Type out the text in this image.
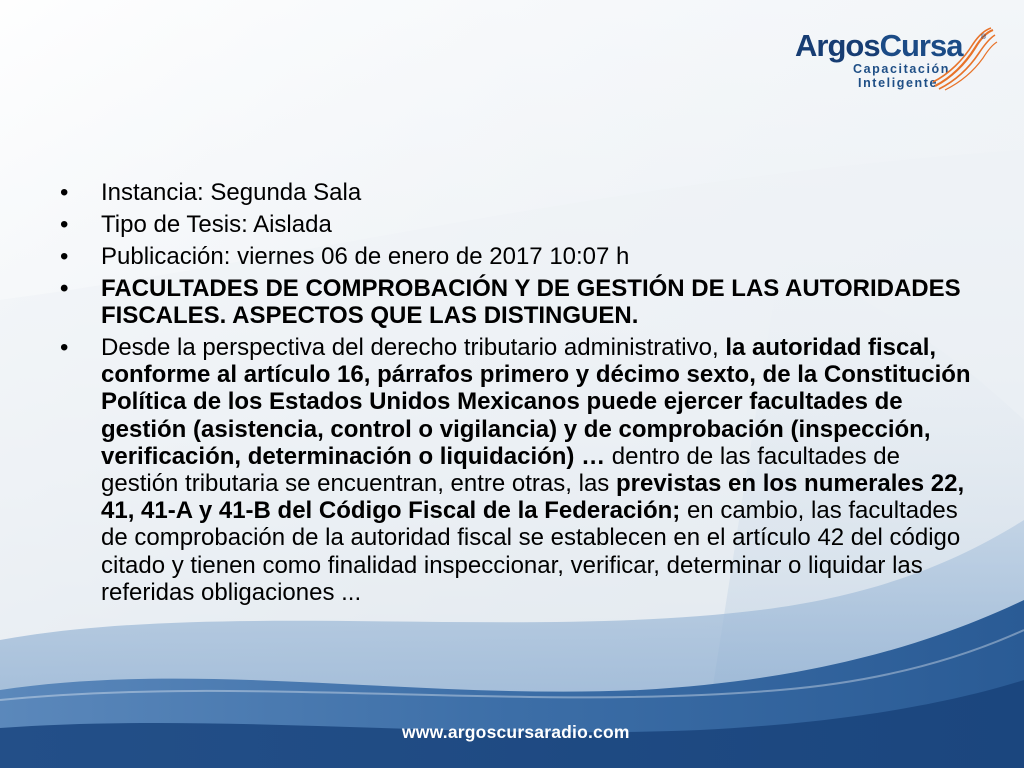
ArgosCursa
Capacitación
Inteligente
®
• Instancia: Segunda Sala
• Tipo de Tesis: Aislada
• Publicación: viernes 06 de enero de 2017 10:07 h
• FACULTADES DE COMPROBACIÓN Y DE GESTIÓN DE LAS AUTORIDADES FISCALES. ASPECTOS QUE LAS DISTINGUEN.
• Desde la perspectiva del derecho tributario administrativo, la autoridad fiscal, conforme al artículo 16, párrafos primero y décimo sexto, de la Constitución Política de los Estados Unidos Mexicanos puede ejercer facultades de gestión (asistencia, control o vigilancia) y de comprobación (inspección, verificación, determinación o liquidación) … dentro de las facultades de gestión tributaria se encuentran, entre otras, las previstas en los numerales 22, 41, 41-A y 41-B del Código Fiscal de la Federación; en cambio, las facultades de comprobación de la autoridad fiscal se establecen en el artículo 42 del código citado y tienen como finalidad inspeccionar, verificar, determinar o liquidar las referidas obligaciones ...
www.argoscursaradio.com
